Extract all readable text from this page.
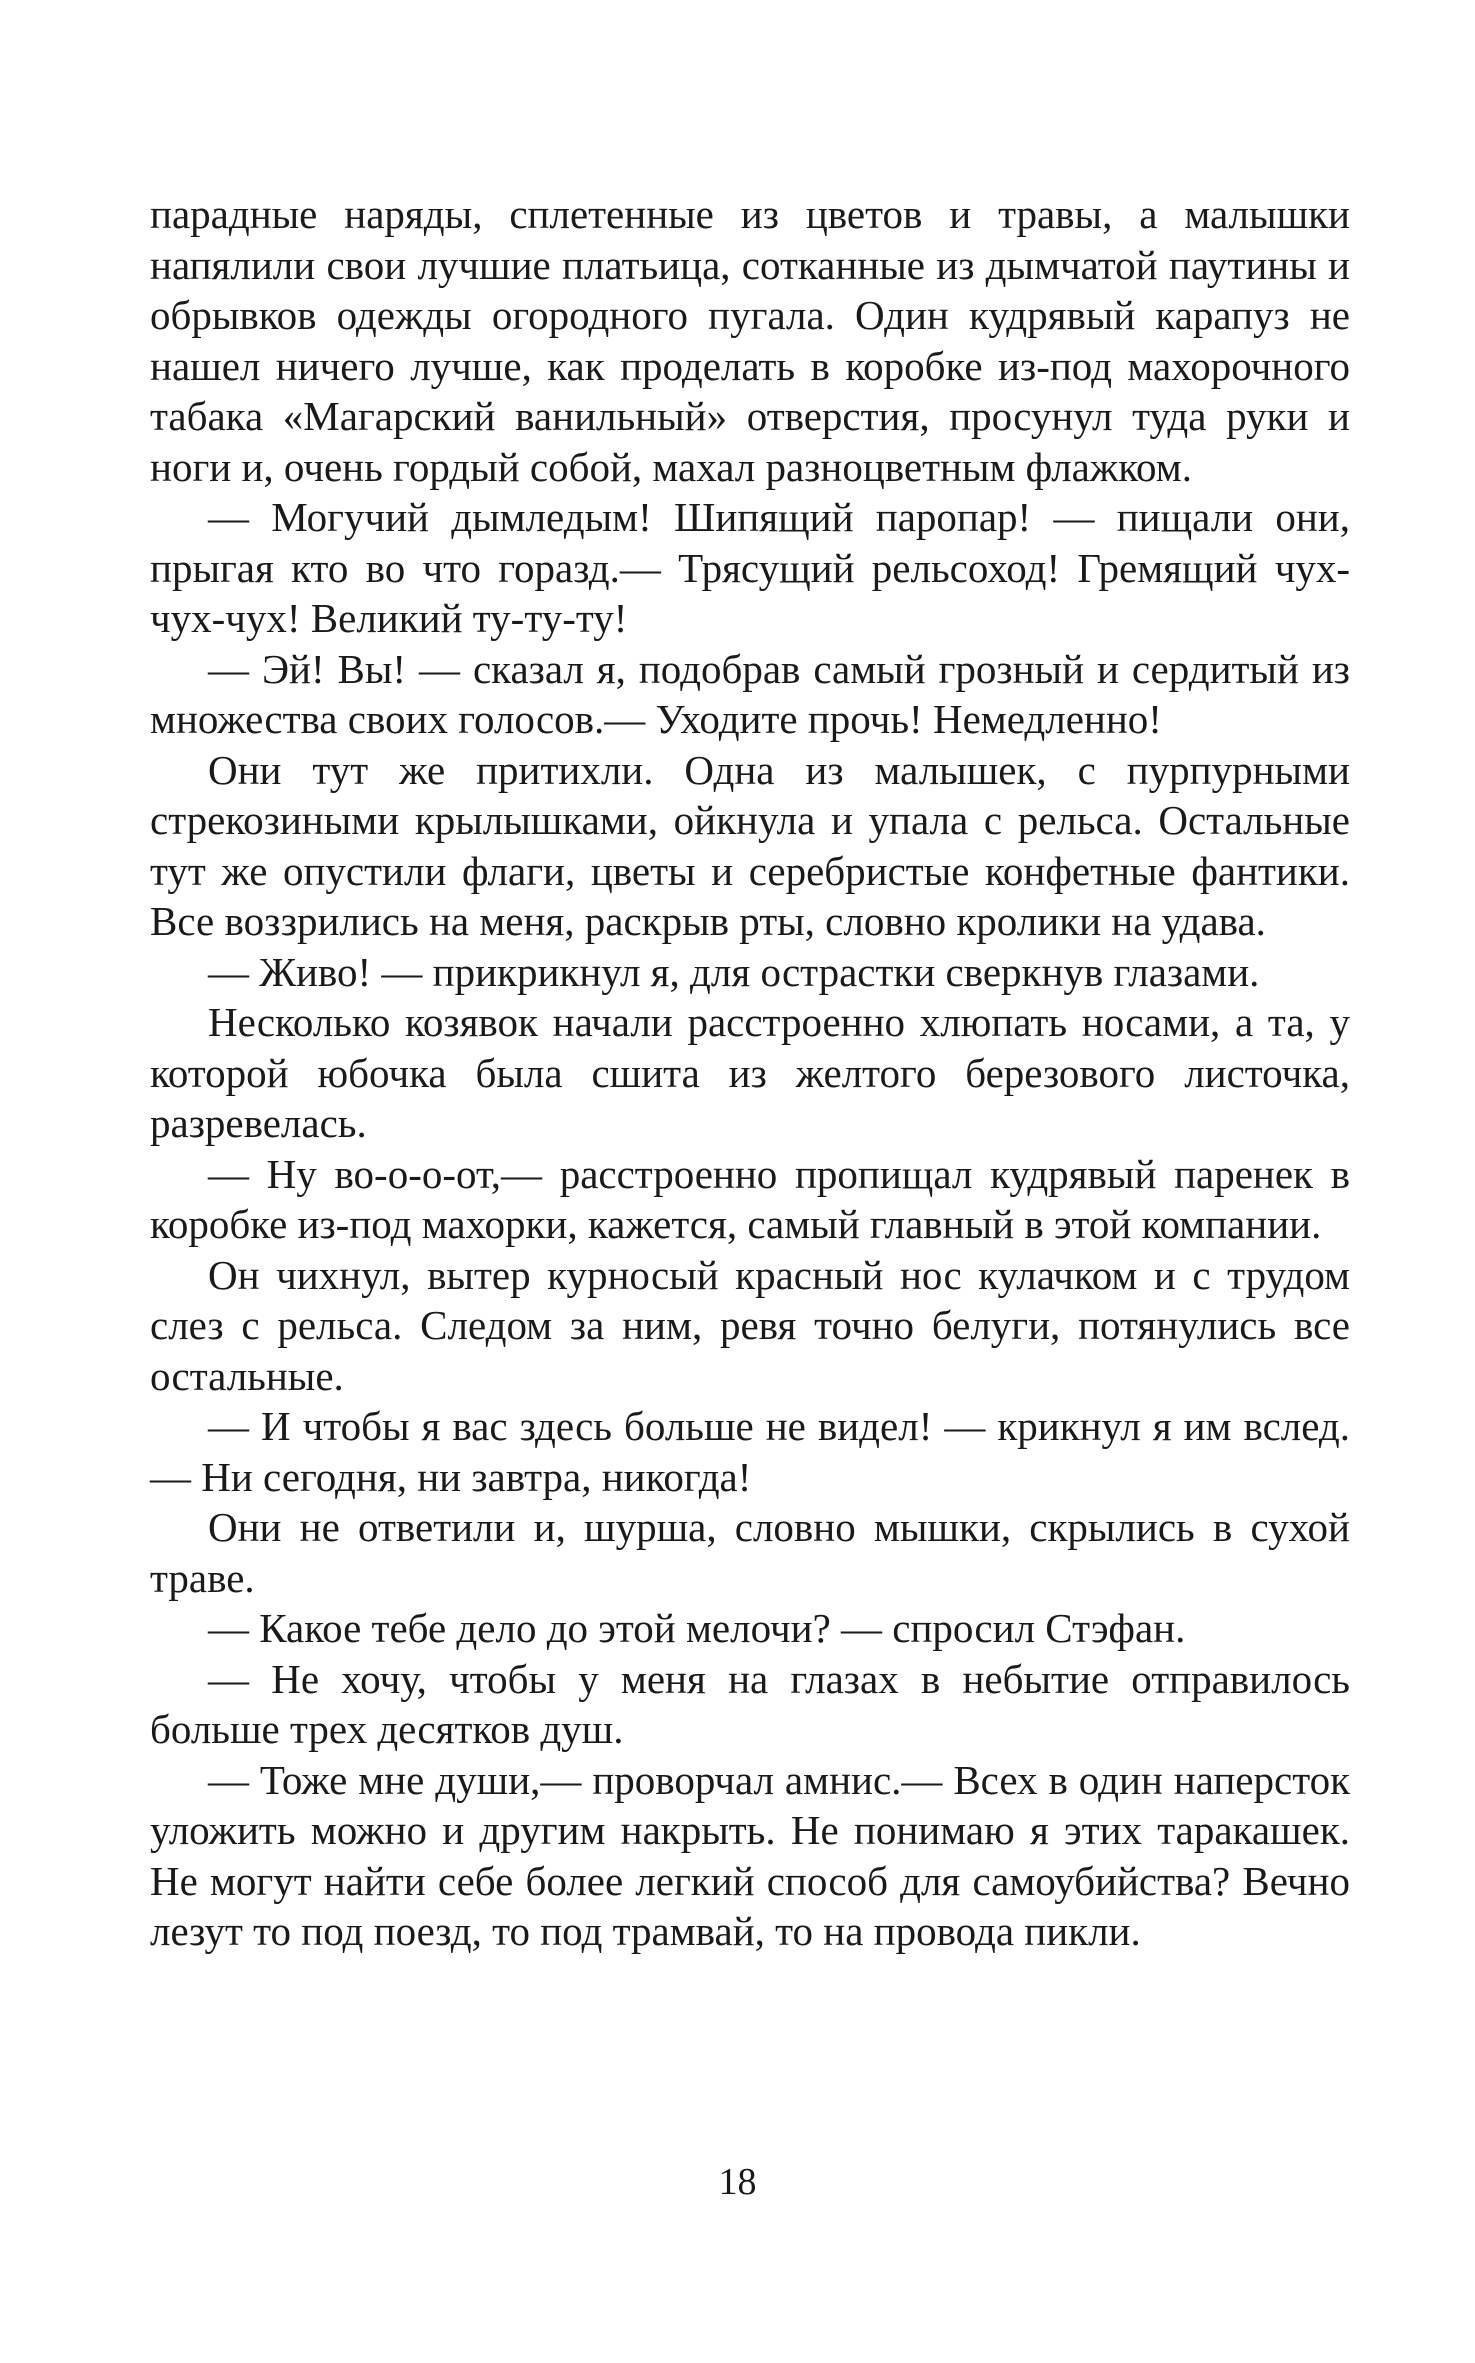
парадные наряды, сплетенные из цветов и травы, а малышки напялили свои лучшие платьица, сотканные из дымчатой паутины и обрывков одежды огородного пугала. Один кудрявый карапуз не нашел ничего лучше, как проделать в коробке из-под махорочного табака «Магарский ванильный» отверстия, просунул туда руки и ноги и, очень гордый собой, махал разноцветным флажком.

— Могучий дымледым! Шипящий паропар! — пищали они, прыгая кто во что горазд.— Трясущий рельсоход! Гремящий чух-чух-чух! Великий ту-ту-ту!

— Эй! Вы! — сказал я, подобрав самый грозный и сердитый из множества своих голосов.— Уходите прочь! Немедленно!

Они тут же притихли. Одна из малышек, с пурпурными стрекозиными крылышками, ойкнула и упала с рельса. Остальные тут же опустили флаги, цветы и серебристые конфетные фантики. Все воззрились на меня, раскрыв рты, словно кролики на удава.

— Живо! — прикрикнул я, для острастки сверкнув глазами.

Несколько козявок начали расстроенно хлюпать носами, а та, у которой юбочка была сшита из желтого березового листочка, разревелась.

— Ну во-о-о-от,— расстроенно пропищал кудрявый паренек в коробке из-под махорки, кажется, самый главный в этой компании.

Он чихнул, вытер курносый красный нос кулачком и с трудом слез с рельса. Следом за ним, ревя точно белуги, потянулись все остальные.

— И чтобы я вас здесь больше не видел! — крикнул я им вслед.— Ни сегодня, ни завтра, никогда!

Они не ответили и, шурша, словно мышки, скрылись в сухой траве.

— Какое тебе дело до этой мелочи? — спросил Стэфан.

— Не хочу, чтобы у меня на глазах в небытие отправилось больше трех десятков душ.

— Тоже мне души,— проворчал амнис.— Всех в один наперсток уложить можно и другим накрыть. Не понимаю я этих таракашек. Не могут найти себе более легкий способ для самоубийства? Вечно лезут то под поезд, то под трамвай, то на провода пикли.

18
